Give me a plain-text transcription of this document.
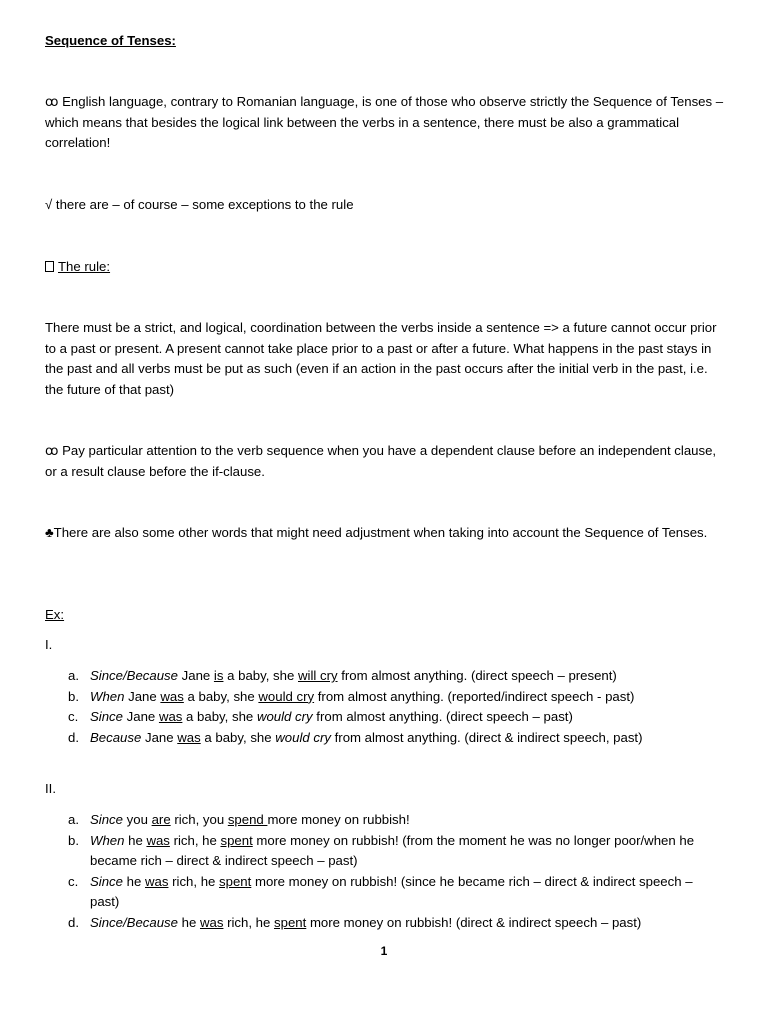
Sequence of Tenses:

ꝏ English language, contrary to Romanian language, is one of those who observe strictly the Sequence of Tenses – which means that besides the logical link between the verbs in a sentence, there must be also a grammatical correlation!

√ there are – of course – some exceptions to the rule

The rule:

There must be a strict, and logical, coordination between the verbs inside a sentence => a future cannot occur prior to a past or present. A present cannot take place prior to a past or after a future. What happens in the past stays in the past and all verbs must be put as such (even if an action in the past occurs after the initial verb in the past, i.e. the future of that past)

ꝏ Pay particular attention to the verb sequence when you have a dependent clause before an independent clause, or a result clause before the if-clause.

♣There are also some other words that might need adjustment when taking into account the Sequence of Tenses.

Ex:
I.
a. Since/Because Jane is a baby, she will cry from almost anything. (direct speech – present)
b. When Jane was a baby, she would cry from almost anything. (reported/indirect speech - past)
c. Since Jane was a baby, she would cry from almost anything. (direct speech – past)
d. Because Jane was a baby, she would cry from almost anything. (direct & indirect speech, past)
II.
a. Since you are rich, you spend more money on rubbish!
b. When he was rich, he spent more money on rubbish! (from the moment he was no longer poor/when he became rich – direct & indirect speech – past)
c. Since he was rich, he spent more money on rubbish! (since he became rich – direct & indirect speech – past)
d. Since/Because he was rich, he spent more money on rubbish! (direct & indirect speech – past)
1
